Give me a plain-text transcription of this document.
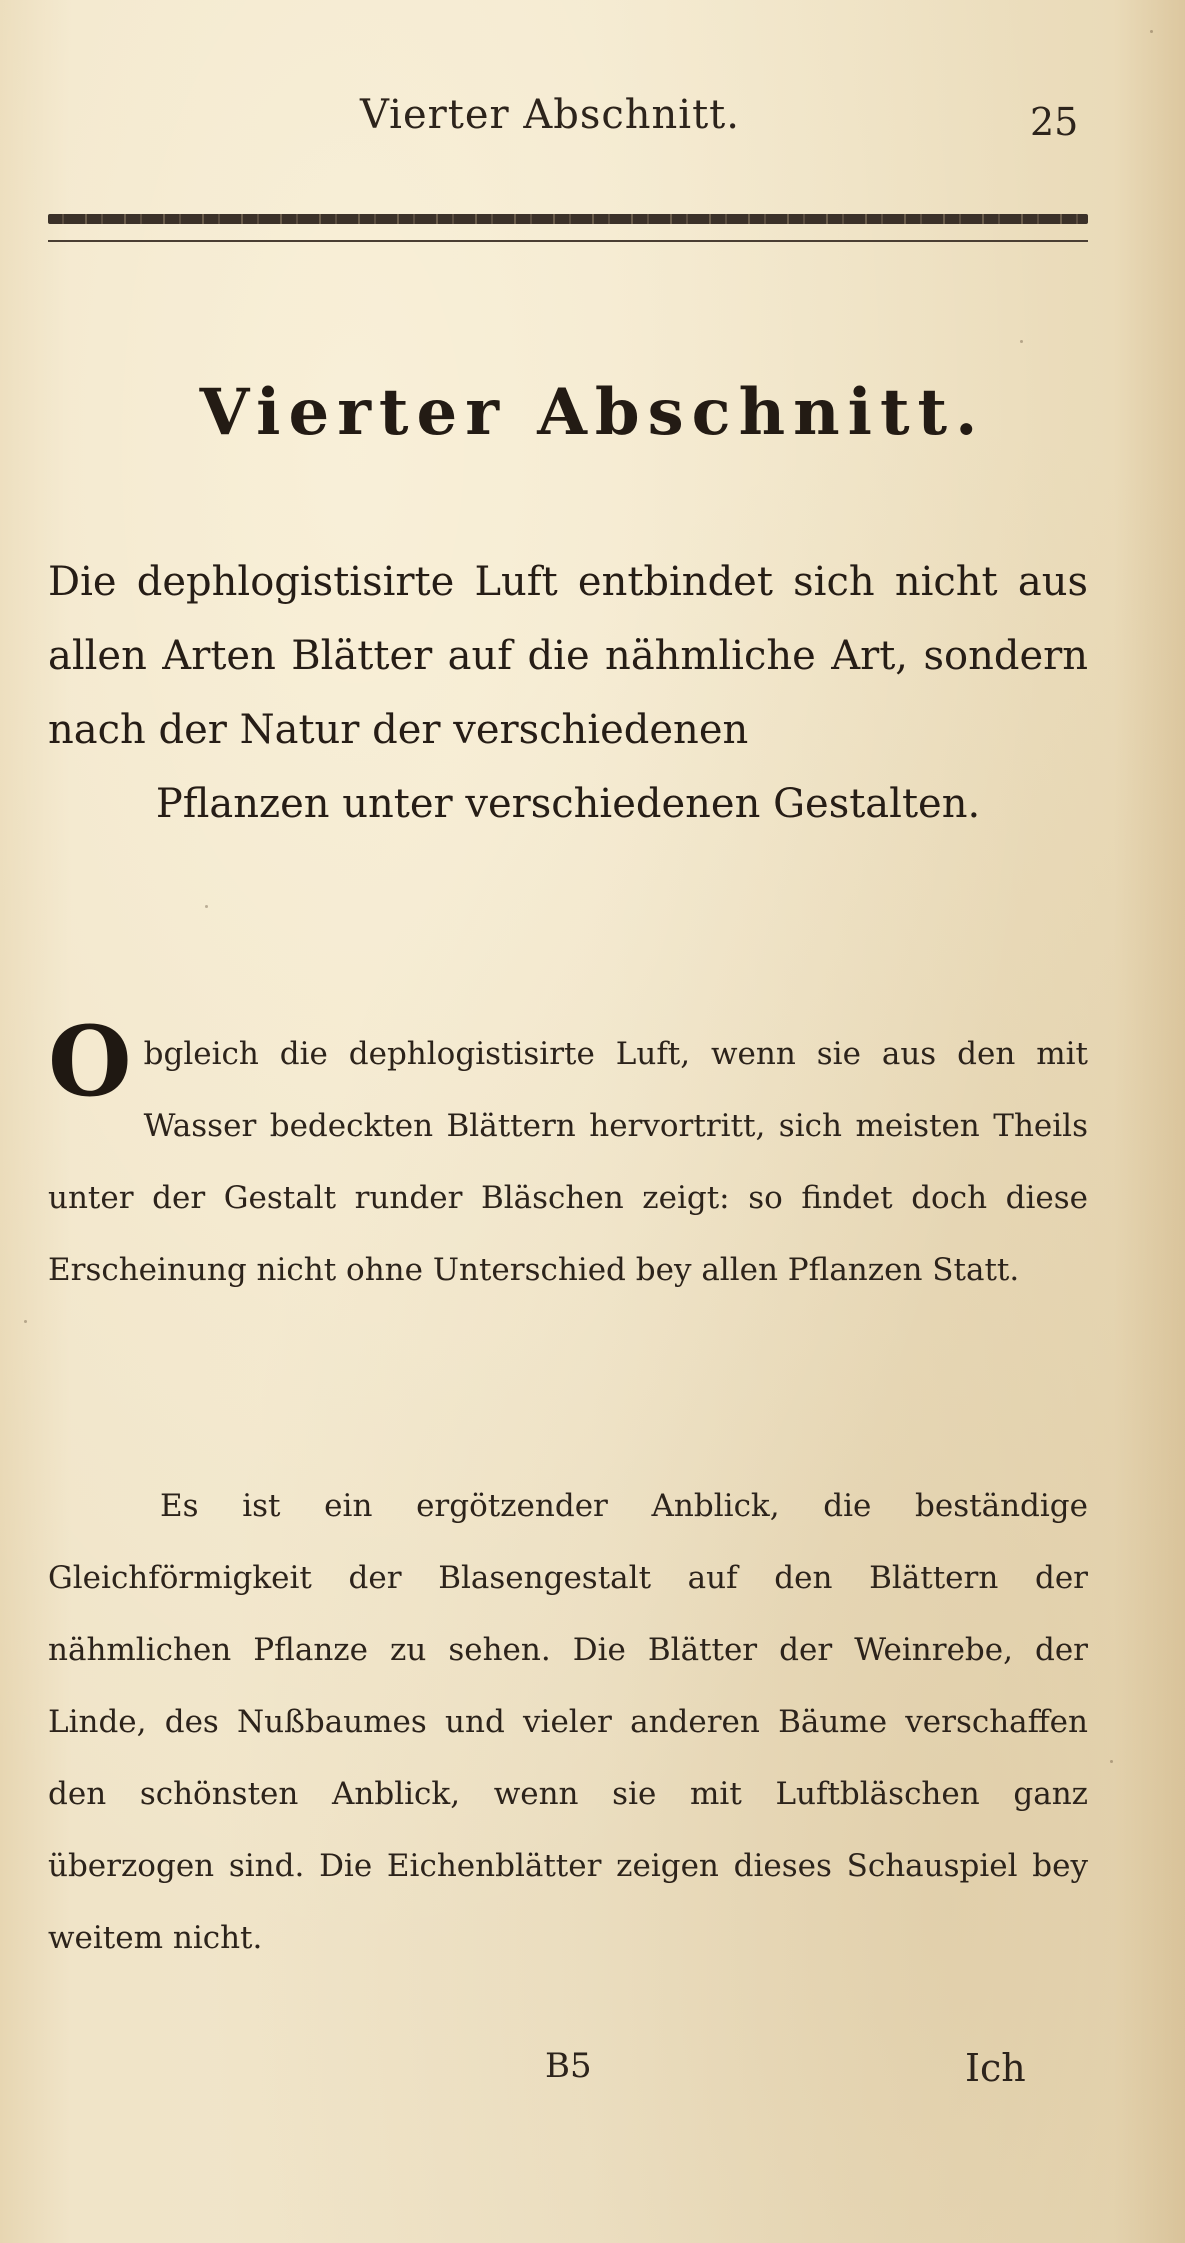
Vierter Abschnitt.	25
Vierter Abschnitt.
Die dephlogistisirte Luft entbindet sich nicht aus allen Arten Blätter auf die nähmliche Art, sondern nach der Natur der verschiedenen
Pflanzen unter verschiedenen Gestalten.
O bgleich die dephlogistisirte Luft, wenn sie aus den mit Wasser bedeckten Blättern hervortritt, sich meisten Theils unter der Gestalt runder Bläschen zeigt: so findet doch diese Erscheinung nicht ohne Unterschied bey allen Pflanzen Statt.
Es ist ein ergötzender Anblick, die beständige Gleichförmigkeit der Blasengestalt auf den Blättern der nähmlichen Pflanze zu sehen. Die Blätter der Weinrebe, der Linde, des Nußbaumes und vieler anderen Bäume verschaffen den schönsten Anblick, wenn sie mit Luftbläschen ganz überzogen sind. Die Eichenblätter zeigen dieses Schauspiel bey weitem nicht.
B5	Ich
